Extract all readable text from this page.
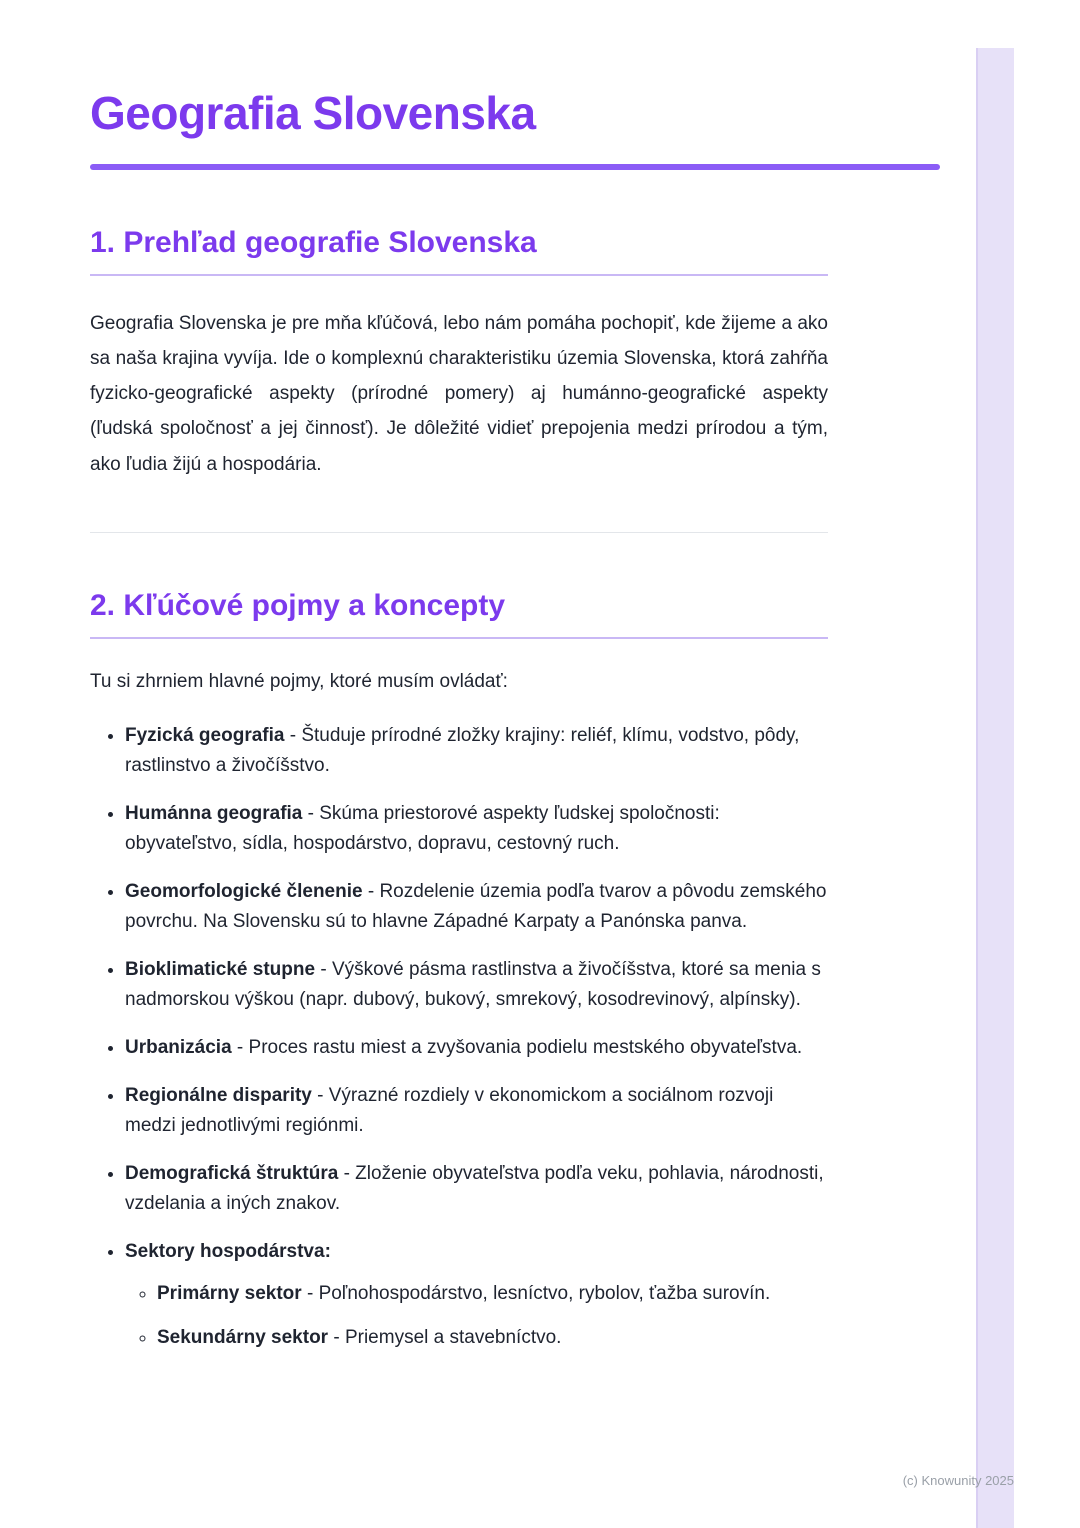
Geografia Slovenska
1. Prehľad geografie Slovenska

Geografia Slovenska je pre mňa kľúčová, lebo nám pomáha pochopiť, kde žijeme a ako sa naša krajina vyvíja. Ide o komplexnú charakteristiku územia Slovenska, ktorá zahŕňa fyzicko-geografické aspekty (prírodné pomery) aj humánno-geografické aspekty (ľudská spoločnosť a jej činnosť). Je dôležité vidieť prepojenia medzi prírodou a tým, ako ľudia žijú a hospodária.

2. Kľúčové pojmy a koncepty

Tu si zhrniem hlavné pojmy, ktoré musím ovládať:

• Fyzická geografia - Študuje prírodné zložky krajiny: reliéf, klímu, vodstvo, pôdy, rastlinstvo a živočíšstvo.
• Humánna geografia - Skúma priestorové aspekty ľudskej spoločnosti: obyvateľstvo, sídla, hospodárstvo, dopravu, cestovný ruch.
• Geomorfologické členenie - Rozdelenie územia podľa tvarov a pôvodu zemského povrchu. Na Slovensku sú to hlavne Západné Karpaty a Panónska panva.
• Bioklimatické stupne - Výškové pásma rastlinstva a živočíšstva, ktoré sa menia s nadmorskou výškou (napr. dubový, bukový, smrekový, kosodrevinový, alpínsky).
• Urbanizácia - Proces rastu miest a zvyšovania podielu mestského obyvateľstva.
• Regionálne disparity - Výrazné rozdiely v ekonomickom a sociálnom rozvoji medzi jednotlivými regiónmi.
• Demografická štruktúra - Zloženie obyvateľstva podľa veku, pohlavia, národnosti, vzdelania a iných znakov.
• Sektory hospodárstva:
◦ Primárny sektor - Poľnohospodárstvo, lesníctvo, rybolov, ťažba surovín.
◦ Sekundárny sektor - Priemysel a stavebníctvo.
(c) Knowunity 2025
